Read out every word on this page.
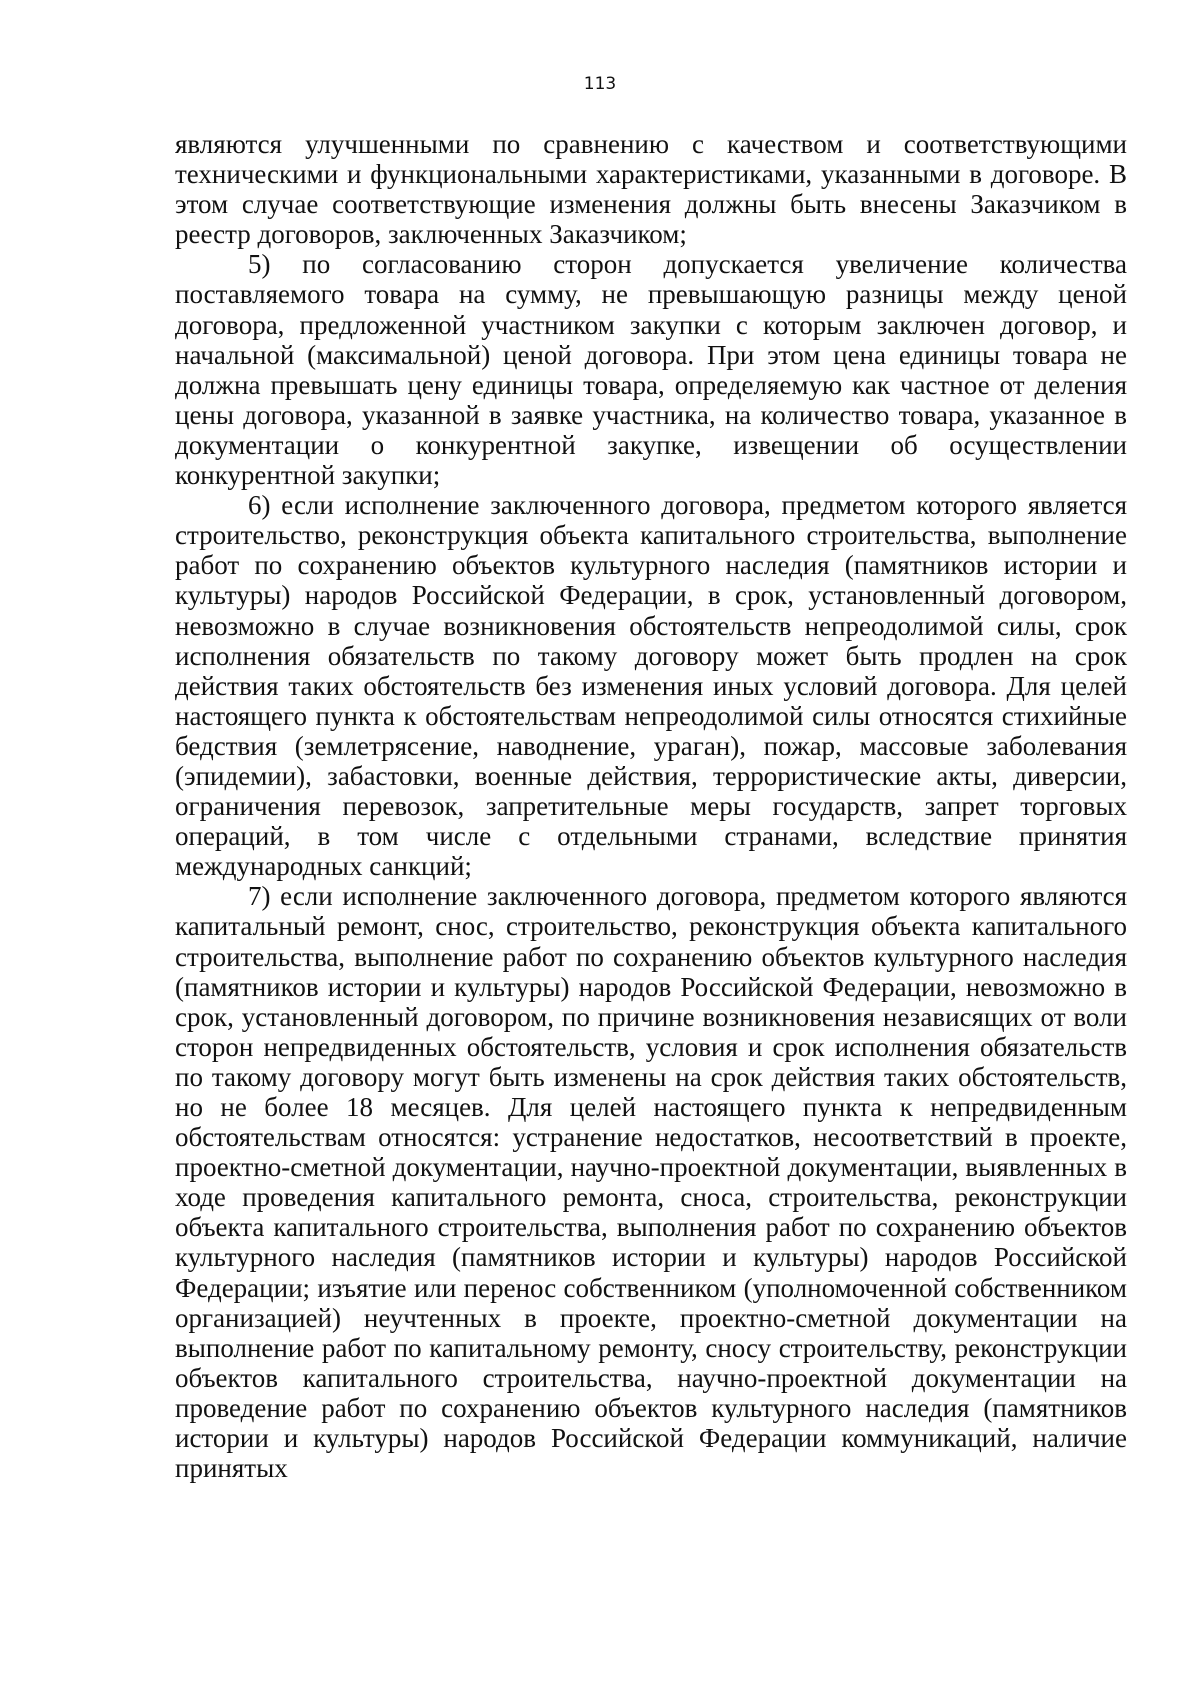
113

являются улучшенными по сравнению с качеством и соответствующими техническими и функциональными характеристиками, указанными в договоре. В этом случае соответствующие изменения должны быть внесены Заказчиком в реестр договоров, заключенных Заказчиком;

5) по согласованию сторон допускается увеличение количества поставляемого товара на сумму, не превышающую разницы между ценой договора, предложенной участником закупки с которым заключен договор, и начальной (максимальной) ценой договора. При этом цена единицы товара не должна превышать цену единицы товара, определяемую как частное от деления цены договора, указанной в заявке участника, на количество товара, указанное в документации о конкурентной закупке, извещении об осуществлении конкурентной закупки;

6) если исполнение заключенного договора, предметом которого является строительство, реконструкция объекта капитального строительства, выполнение работ по сохранению объектов культурного наследия (памятников истории и культуры) народов Российской Федерации, в срок, установленный договором, невозможно в случае возникновения обстоятельств непреодолимой силы, срок исполнения обязательств по такому договору может быть продлен на срок действия таких обстоятельств без изменения иных условий договора. Для целей настоящего пункта к обстоятельствам непреодолимой силы относятся стихийные бедствия (землетрясение, наводнение, ураган), пожар, массовые заболевания (эпидемии), забастовки, военные действия, террористические акты, диверсии, ограничения перевозок, запретительные меры государств, запрет торговых операций, в том числе с отдельными странами, вследствие принятия международных санкций;

7) если исполнение заключенного договора, предметом которого являются капитальный ремонт, снос, строительство, реконструкция объекта капитального строительства, выполнение работ по сохранению объектов культурного наследия (памятников истории и культуры) народов Российской Федерации, невозможно в срок, установленный договором, по причине возникновения независящих от воли сторон непредвиденных обстоятельств, условия и срок исполнения обязательств по такому договору могут быть изменены на срок действия таких обстоятельств, но не более 18 месяцев. Для целей настоящего пункта к непредвиденным обстоятельствам относятся: устранение недостатков, несоответствий в проекте, проектно-сметной документации, научно-проектной документации, выявленных в ходе проведения капитального ремонта, сноса, строительства, реконструкции объекта капитального строительства, выполнения работ по сохранению объектов культурного наследия (памятников истории и культуры) народов Российской Федерации; изъятие или перенос собственником (уполномоченной собственником организацией) неучтенных в проекте, проектно-сметной документации на выполнение работ по капитальному ремонту, сносу строительству, реконструкции объектов капитального строительства, научно-проектной документации на проведение работ по сохранению объектов культурного наследия (памятников истории и культуры) народов Российской Федерации коммуникаций, наличие принятых
